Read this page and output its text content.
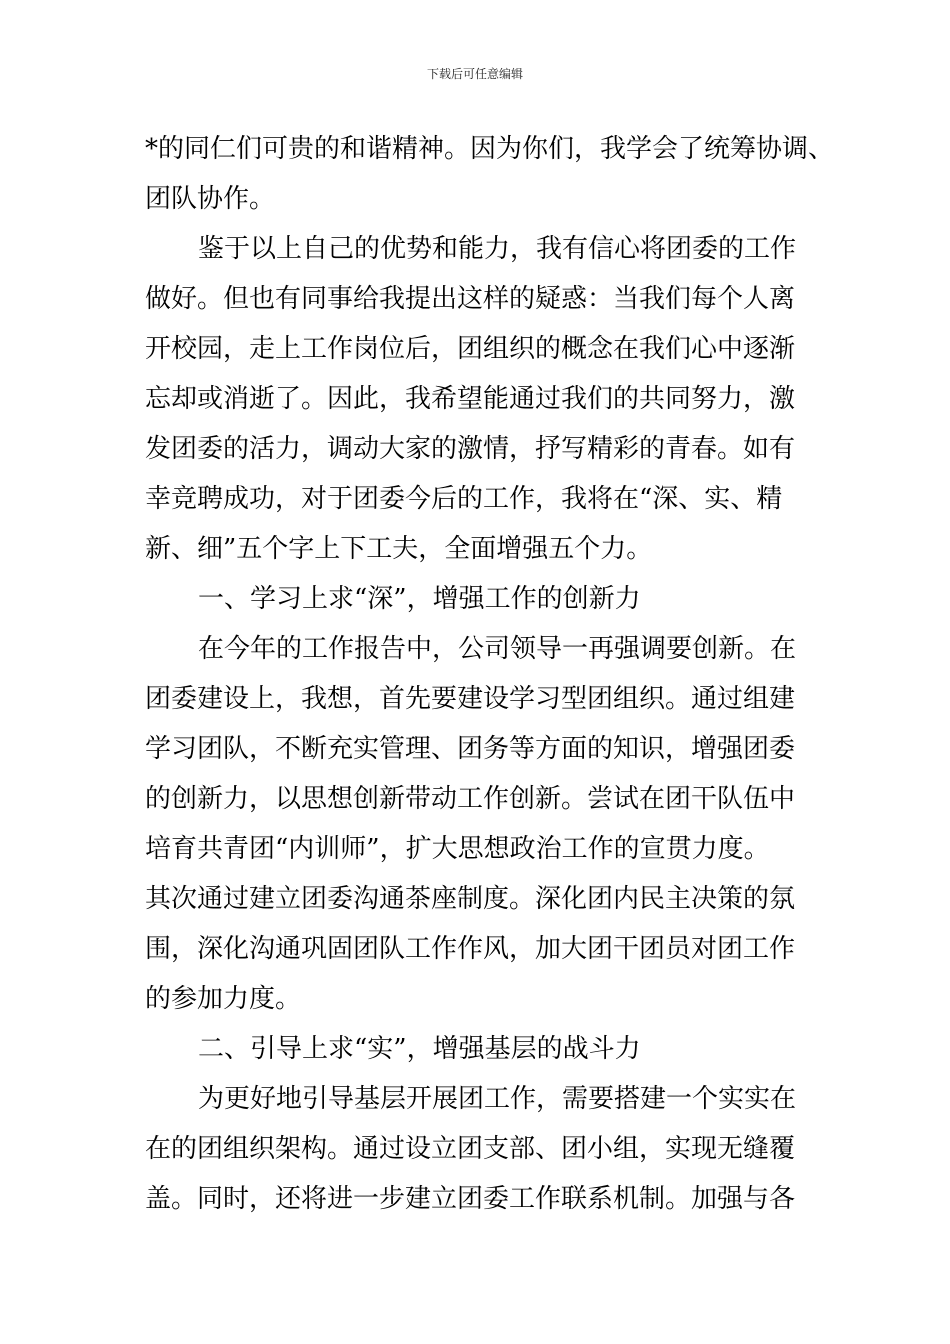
下载后可任意编辑
*的同仁们可贵的和谐精神。因为你们，我学会了统筹协调、
团队协作。
鉴于以上自己的优势和能力，我有信心将团委的工作
做好。但也有同事给我提出这样的疑惑：当我们每个人离
开校园，走上工作岗位后，团组织的概念在我们心中逐渐
忘却或消逝了。因此，我希望能通过我们的共同努力，激
发团委的活力，调动大家的激情，抒写精彩的青春。如有
幸竞聘成功，对于团委今后的工作，我将在“深、实、精
新、细”五个字上下工夫，全面增强五个力。
一、学习上求“深”，增强工作的创新力
在今年的工作报告中，公司领导一再强调要创新。在
团委建设上，我想，首先要建设学习型团组织。通过组建
学习团队，不断充实管理、团务等方面的知识，增强团委
的创新力，以思想创新带动工作创新。尝试在团干队伍中
培育共青团“内训师”，扩大思想政治工作的宣贯力度。
其次通过建立团委沟通茶座制度。深化团内民主决策的氛
围，深化沟通巩固团队工作作风，加大团干团员对团工作
的参加力度。
二、引导上求“实”，增强基层的战斗力
为更好地引导基层开展团工作，需要搭建一个实实在
在的团组织架构。通过设立团支部、团小组，实现无缝覆
盖。同时，还将进一步建立团委工作联系机制。加强与各
